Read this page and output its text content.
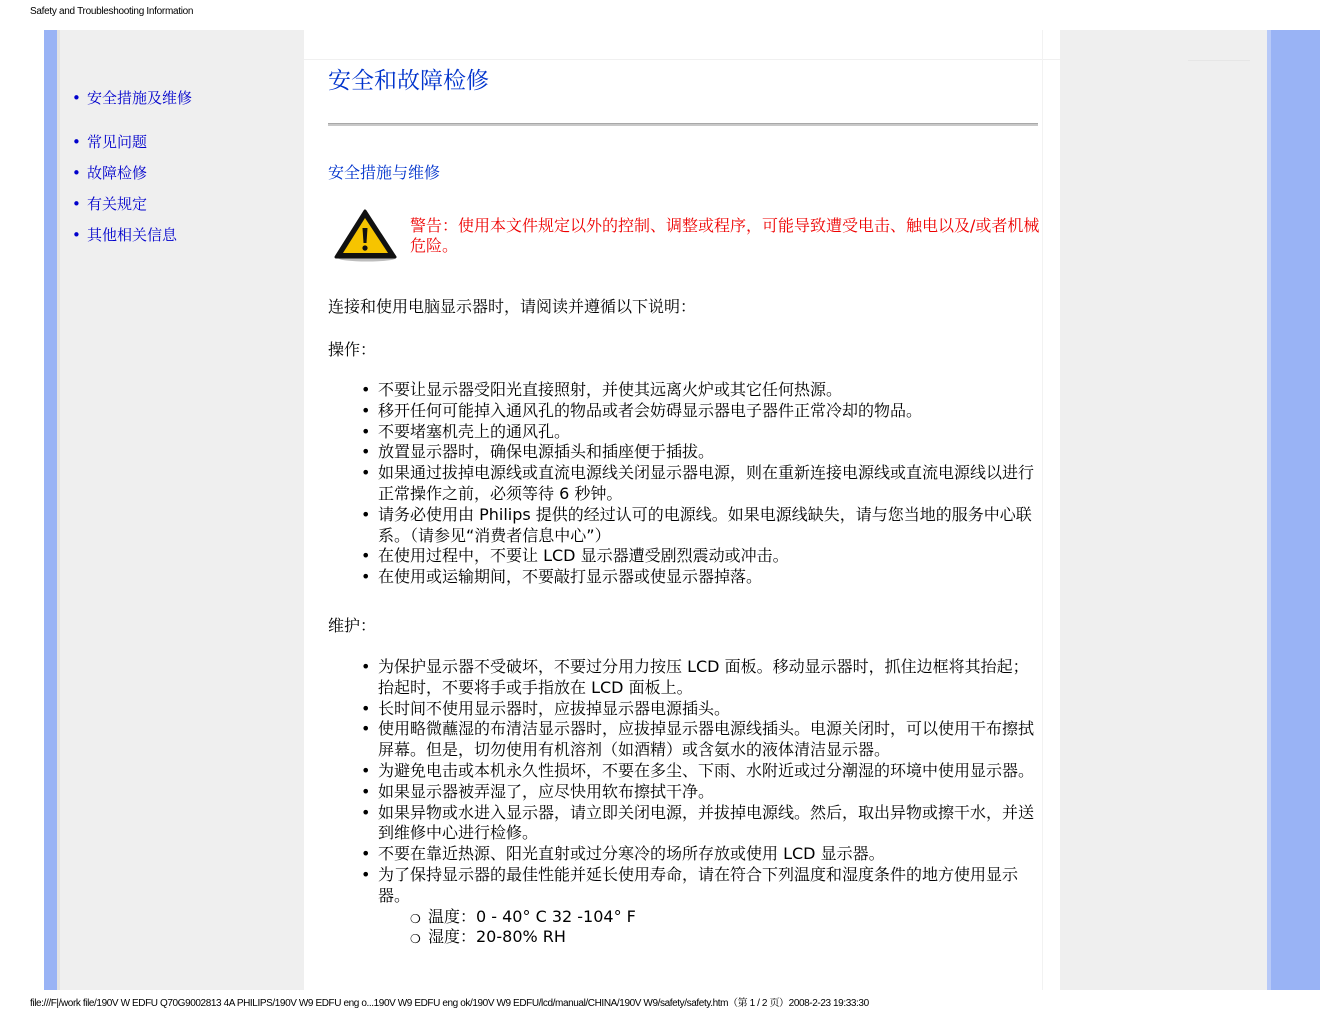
Safety and Troubleshooting Information
• 安全措施及维修
• 常见问题
• 故障检修
• 有关规定
• 其他相关信息
安全和故障检修
安全措施与维修
警告：使用本文件规定以外的控制、调整或程序，可能导致遭受电击、触电以及/或者机械危险。
连接和使用电脑显示器时，请阅读并遵循以下说明：
操作：
• 不要让显示器受阳光直接照射，并使其远离火炉或其它任何热源。
• 移开任何可能掉入通风孔的物品或者会妨碍显示器电子器件正常冷却的物品。
• 不要堵塞机壳上的通风孔。
• 放置显示器时，确保电源插头和插座便于插拔。
• 如果通过拔掉电源线或直流电源线关闭显示器电源，则在重新连接电源线或直流电源线以进行正常操作之前，必须等待 6 秒钟。
• 请务必使用由 Philips 提供的经过认可的电源线。如果电源线缺失，请与您当地的服务中心联系。（请参见“消费者信息中心”）
• 在使用过程中，不要让 LCD 显示器遭受剧烈震动或冲击。
• 在使用或运输期间，不要敲打显示器或使显示器掉落。
维护：
• 为保护显示器不受破坏，不要过分用力按压 LCD 面板。移动显示器时，抓住边框将其抬起；抬起时，不要将手或手指放在 LCD 面板上。
• 长时间不使用显示器时，应拔掉显示器电源插头。
• 使用略微蘸湿的布清洁显示器时，应拔掉显示器电源线插头。电源关闭时，可以使用干布擦拭屏幕。但是，切勿使用有机溶剂（如酒精）或含氨水的液体清洁显示器。
• 为避免电击或本机永久性损坏，不要在多尘、下雨、水附近或过分潮湿的环境中使用显示器。
• 如果显示器被弄湿了，应尽快用软布擦拭干净。
• 如果异物或水进入显示器，请立即关闭电源，并拔掉电源线。然后，取出异物或擦干水，并送到维修中心进行检修。
• 不要在靠近热源、阳光直射或过分寒冷的场所存放或使用 LCD 显示器。
• 为了保持显示器的最佳性能并延长使用寿命，请在符合下列温度和湿度条件的地方使用显示器。
❍ 温度：0 - 40° C 32 -104° F
❍ 湿度：20-80% RH
file:///F|/work file/190V W EDFU Q70G9002813 4A PHILIPS/190V W9 EDFU eng o...190V W9 EDFU eng ok/190V W9 EDFU/lcd/manual/CHINA/190V W9/safety/safety.htm（第 1 / 2 页）2008-2-23 19:33:30
